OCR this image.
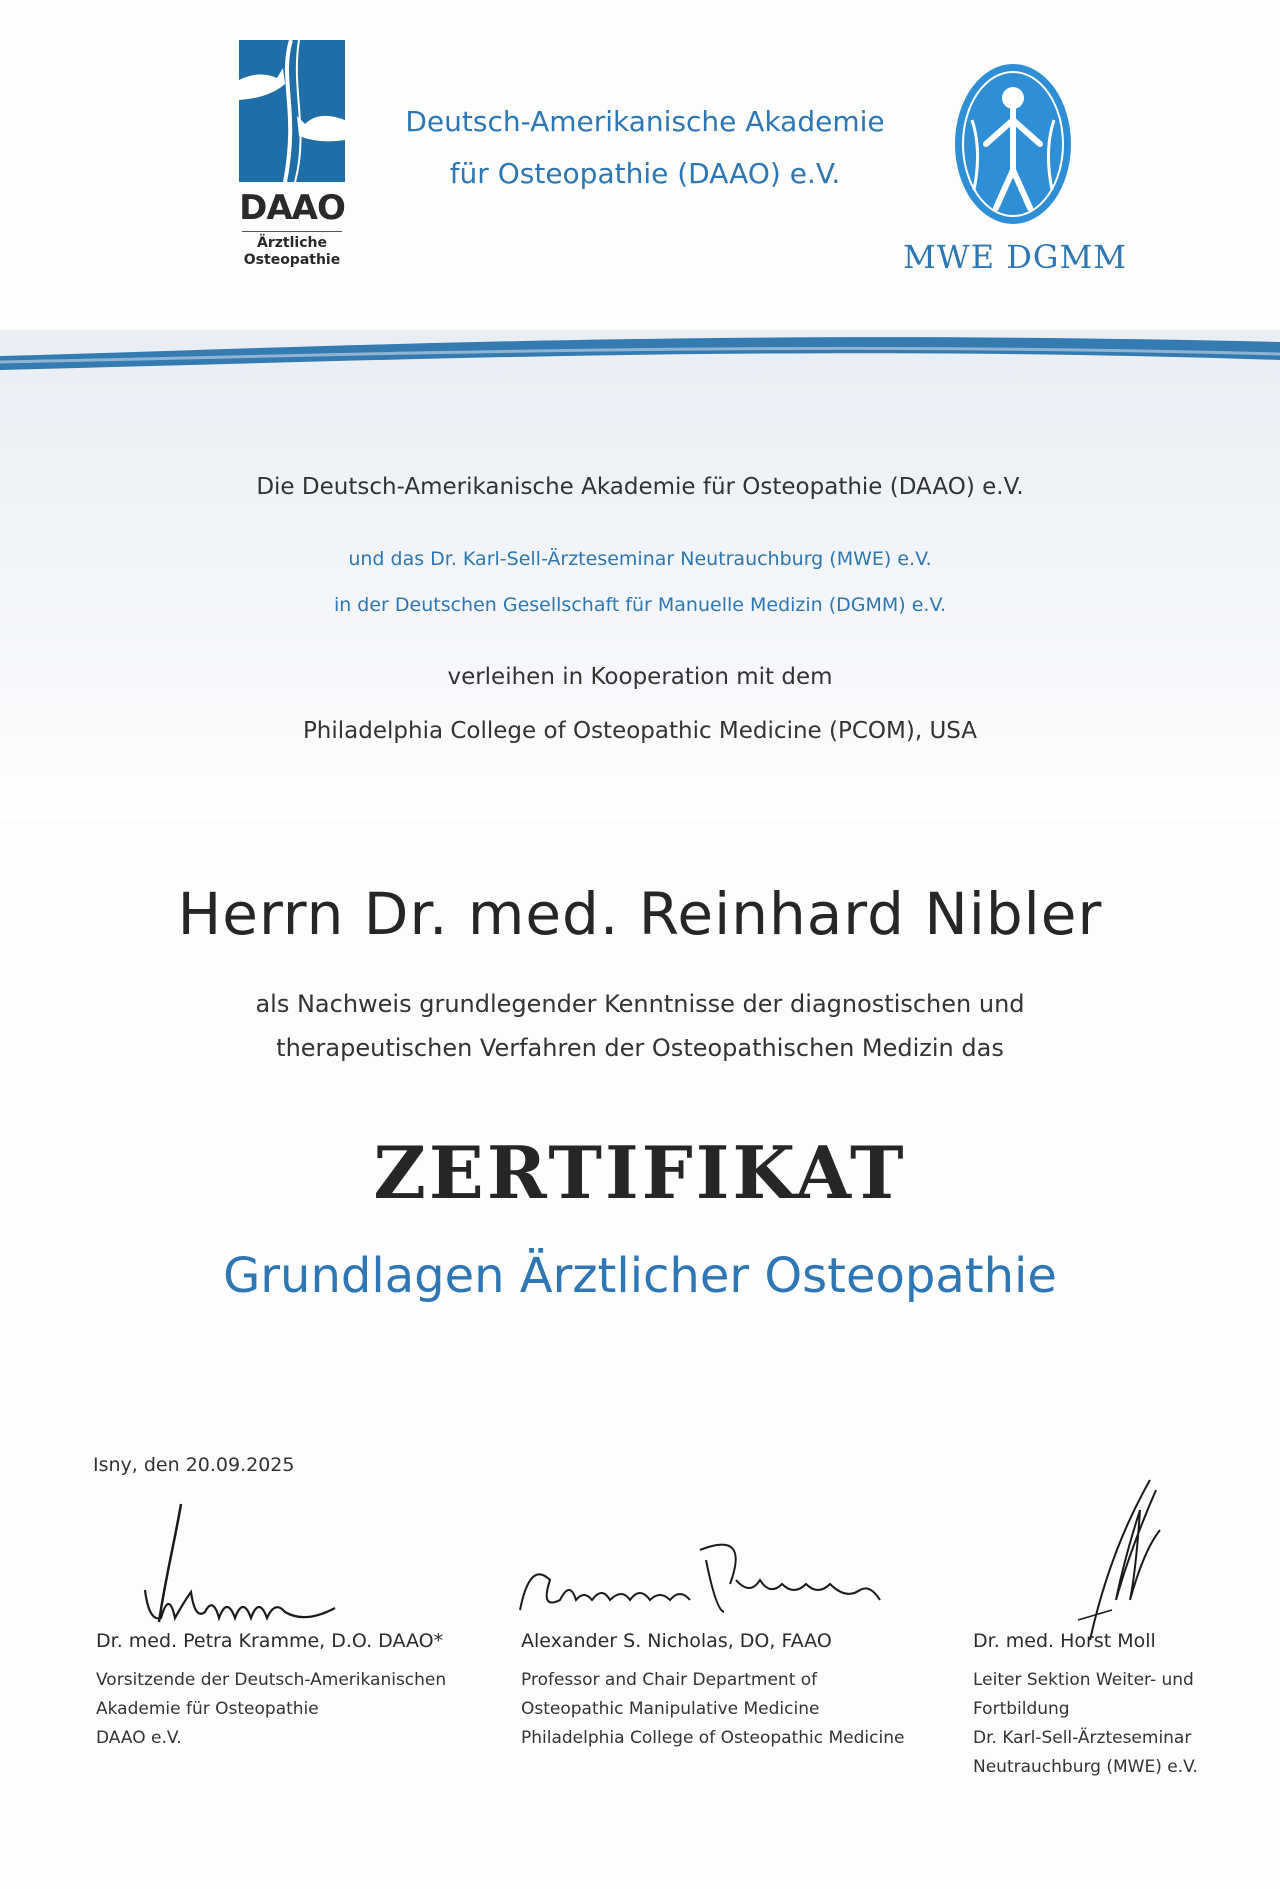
DAAO
Ärztliche
Osteopathie
Deutsch-Amerikanische Akademie
für Osteopathie (DAAO) e.V.
MWE DGMM
Die Deutsch-Amerikanische Akademie für Osteopathie (DAAO) e.V.
und das Dr. Karl-Sell-Ärzteseminar Neutrauchburg (MWE) e.V.
in der Deutschen Gesellschaft für Manuelle Medizin (DGMM) e.V.
verleihen in Kooperation mit dem
Philadelphia College of Osteopathic Medicine (PCOM), USA
Herrn Dr. med. Reinhard Nibler
als Nachweis grundlegender Kenntnisse der diagnostischen und
therapeutischen Verfahren der Osteopathischen Medizin das
ZERTIFIKAT
Grundlagen Ärztlicher Osteopathie
Isny, den 20.09.2025
Dr. med. Petra Kramme, D.O. DAAO*
Vorsitzende der Deutsch-Amerikanischen
Akademie für Osteopathie
DAAO e.V.
Alexander S. Nicholas, DO, FAAO
Professor and Chair Department of
Osteopathic Manipulative Medicine
Philadelphia College of Osteopathic Medicine
Dr. med. Horst Moll
Leiter Sektion Weiter- und
Fortbildung
Dr. Karl-Sell-Ärzteseminar
Neutrauchburg (MWE) e.V.
